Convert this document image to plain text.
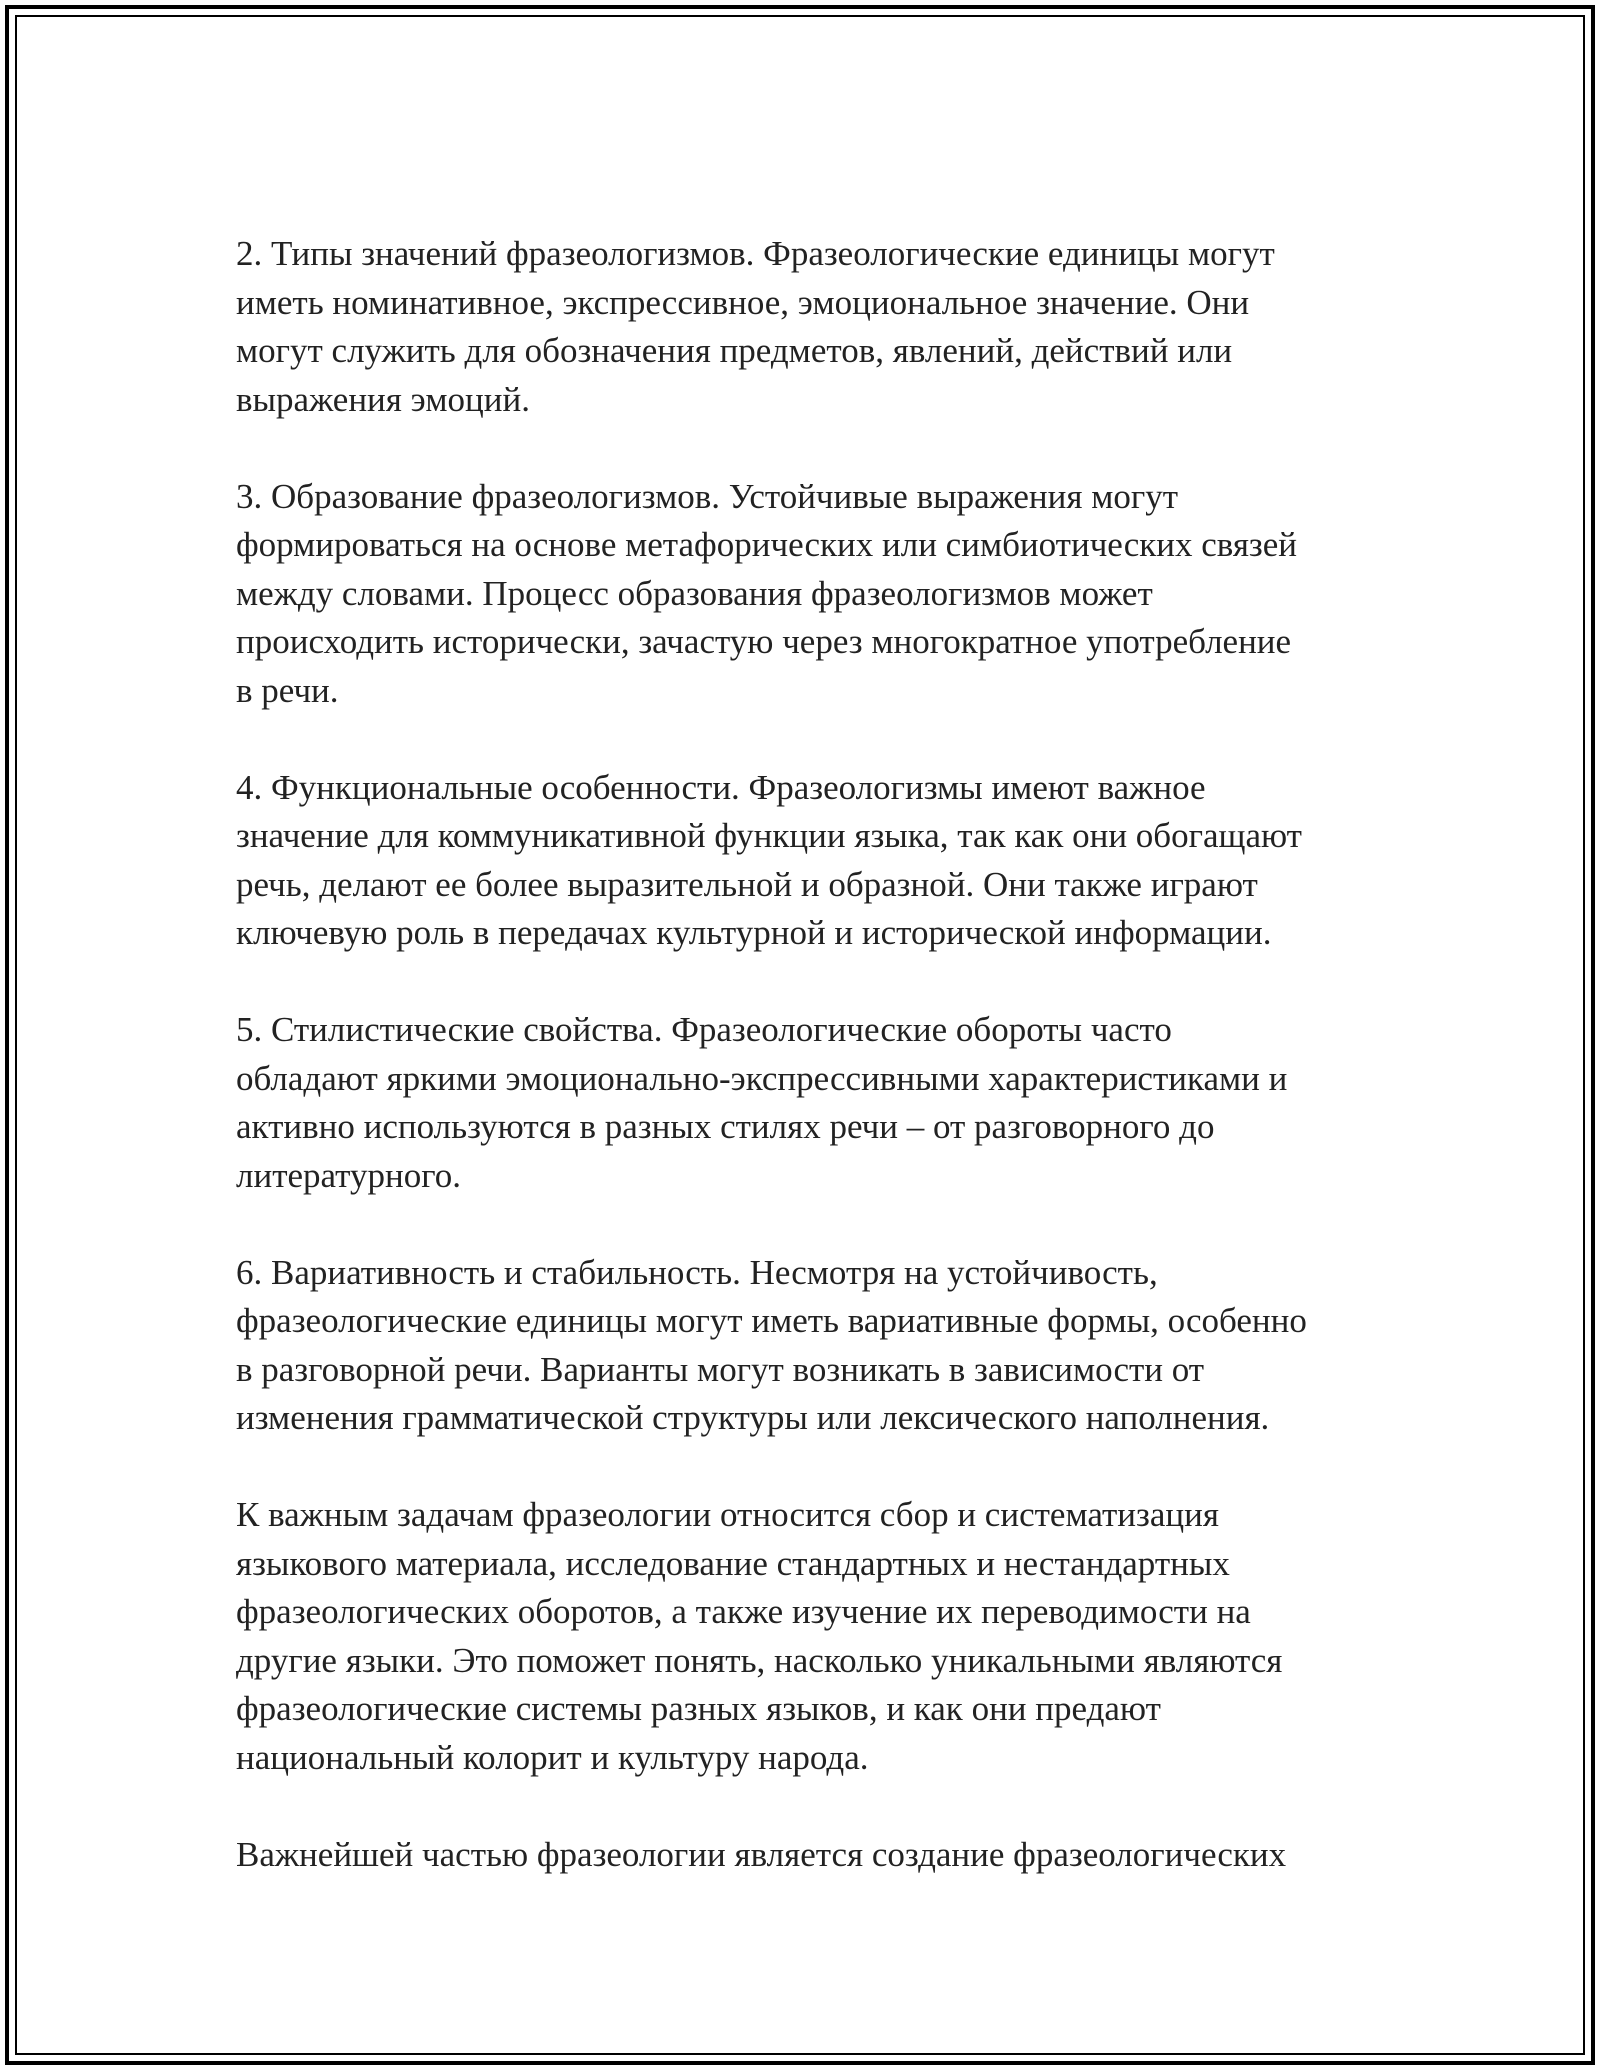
2. Типы значений фразеологизмов. Фразеологические единицы могут
иметь номинативное, экспрессивное, эмоциональное значение. Они
могут служить для обозначения предметов, явлений, действий или
выражения эмоций.

3. Образование фразеологизмов. Устойчивые выражения могут
формироваться на основе метафорических или симбиотических связей
между словами. Процесс образования фразеологизмов может
происходить исторически, зачастую через многократное употребление
в речи.

4. Функциональные особенности. Фразеологизмы имеют важное
значение для коммуникативной функции языка, так как они обогащают
речь, делают ее более выразительной и образной. Они также играют
ключевую роль в передачах культурной и исторической информации.

5. Стилистические свойства. Фразеологические обороты часто
обладают яркими эмоционально-экспрессивными характеристиками и
активно используются в разных стилях речи – от разговорного до
литературного.

6. Вариативность и стабильность. Несмотря на устойчивость,
фразеологические единицы могут иметь вариативные формы, особенно
в разговорной речи. Варианты могут возникать в зависимости от
изменения грамматической структуры или лексического наполнения.

К важным задачам фразеологии относится сбор и систематизация
языкового материала, исследование стандартных и нестандартных
фразеологических оборотов, а также изучение их переводимости на
другие языки. Это поможет понять, насколько уникальными являются
фразеологические системы разных языков, и как они предают
национальный колорит и культуру народа.

Важнейшей частью фразеологии является создание фразеологических
